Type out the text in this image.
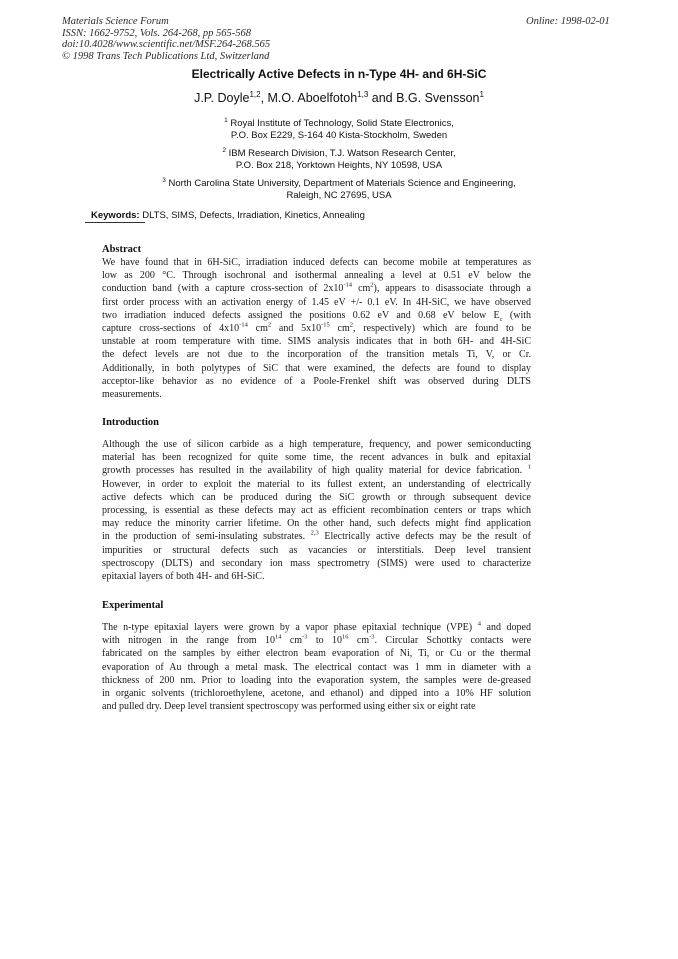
Materials Science Forum
ISSN: 1662-9752, Vols. 264-268, pp 565-568
doi:10.4028/www.scientific.net/MSF.264-268.565
© 1998 Trans Tech Publications Ltd, Switzerland
Online: 1998-02-01
Electrically Active Defects in n-Type 4H- and 6H-SiC
J.P. Doyle$^{1,2}$, M.O. Aboelfotoh$^{1,3}$ and B.G. Svensson$^1$
$^1$ Royal Institute of Technology, Solid State Electronics,
P.O. Box E229, S-164 40 Kista-Stockholm, Sweden
$^2$ IBM Research Division, T.J. Watson Research Center,
P.O. Box 218, Yorktown Heights, NY 10598, USA
$^3$ North Carolina State University, Department of Materials Science and Engineering,
Raleigh, NC 27695, USA
Keywords: DLTS, SIMS, Defects, Irradiation, Kinetics, Annealing
Abstract
We have found that in 6H-SiC, irradiation induced defects can become mobile at temperatures as
low as 200 °C. Through isochronal and isothermal annealing a level at 0.51 eV below the
conduction band (with a capture cross-section of $2x10^{-14}$ $cm^2$), appears to disassociate through a
first order process with an activation energy of 1.45 eV +/- 0.1 eV. In 4H-SiC, we have observed
two irradiation induced defects assigned the positions 0.62 eV and 0.68 eV below $E_c$ (with
capture cross-sections of $4x10^{-14}$ $cm^2$ and $5x10^{-15}$ $cm^2$, respectively) which are found to be
unstable at room temperature with time. SIMS analysis indicates that in both 6H- and 4H-SiC
the defect levels are not due to the incorporation of the transition metals Ti, V, or Cr.
Additionally, in both polytypes of SiC that were examined, the defects are found to display
acceptor-like behavior as no evidence of a Poole-Frenkel shift was observed during DLTS
measurements.
Introduction
Although the use of silicon carbide as a high temperature, frequency, and power semiconducting
material has been recognized for quite some time, the recent advances in bulk and epitaxial
growth processes has resulted in the availability of high quality material for device fabrication. $^1$
However, in order to exploit the material to its fullest extent, an understanding of electrically
active defects which can be produced during the SiC growth or through subsequent device
processing, is essential as these defects may act as efficient recombination centers or traps which
may reduce the minority carrier lifetime. On the other hand, such defects might find application
in the production of semi-insulating substrates. $^{2,3}$ Electrically active defects may be the result of
impurities or structural defects such as vacancies or interstitials. Deep level transient
spectroscopy (DLTS) and secondary ion mass spectrometry (SIMS) were used to characterize
epitaxial layers of both 4H- and 6H-SiC.
Experimental
The n-type epitaxial layers were grown by a vapor phase epitaxial technique (VPE) $^4$ and doped
with nitrogen in the range from $10^{14}$ $cm^{-3}$ to $10^{16}$ $cm^{-3}$. Circular Schottky contacts were
fabricated on the samples by either electron beam evaporation of Ni, Ti, or Cu or the thermal
evaporation of Au through a metal mask. The electrical contact was 1 mm in diameter with a
thickness of 200 nm. Prior to loading into the evaporation system, the samples were de-greased
in organic solvents (trichloroethylene, acetone, and ethanol) and dipped into a 10% HF solution
and pulled dry. Deep level transient spectroscopy was performed using either six or eight rate
